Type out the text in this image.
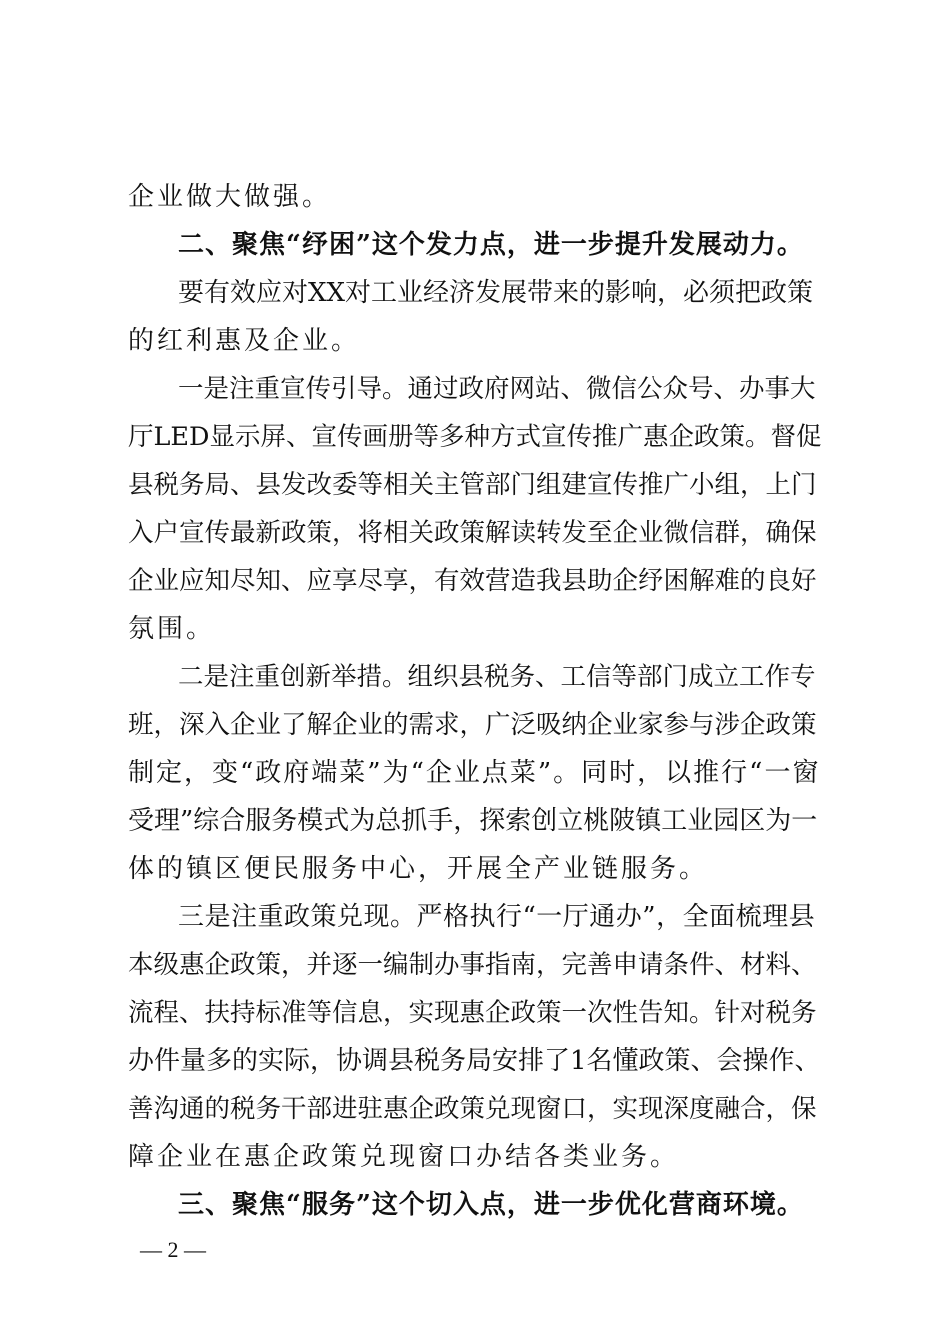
企业做大做强。
二、聚焦“纾困”这个发力点，进一步提升发展动力。
要有效应对XX对工业经济发展带来的影响，必须把政策
的红利惠及企业。
一是注重宣传引导。通过政府网站、微信公众号、办事大
厅LED显示屏、宣传画册等多种方式宣传推广惠企政策。督促
县税务局、县发改委等相关主管部门组建宣传推广小组，上门
入户宣传最新政策，将相关政策解读转发至企业微信群，确保
企业应知尽知、应享尽享，有效营造我县助企纾困解难的良好
氛围。
二是注重创新举措。组织县税务、工信等部门成立工作专
班，深入企业了解企业的需求，广泛吸纳企业家参与涉企政策
制定，变“政府端菜”为“企业点菜”。同时，以推行“一窗
受理”综合服务模式为总抓手，探索创立桃陂镇工业园区为一
体的镇区便民服务中心，开展全产业链服务。
三是注重政策兑现。严格执行“一厅通办”，全面梳理县
本级惠企政策，并逐一编制办事指南，完善申请条件、材料、
流程、扶持标准等信息，实现惠企政策一次性告知。针对税务
办件量多的实际，协调县税务局安排了1名懂政策、会操作、
善沟通的税务干部进驻惠企政策兑现窗口，实现深度融合，保
障企业在惠企政策兑现窗口办结各类业务。
三、聚焦“服务”这个切入点，进一步优化营商环境。
— 2 —
